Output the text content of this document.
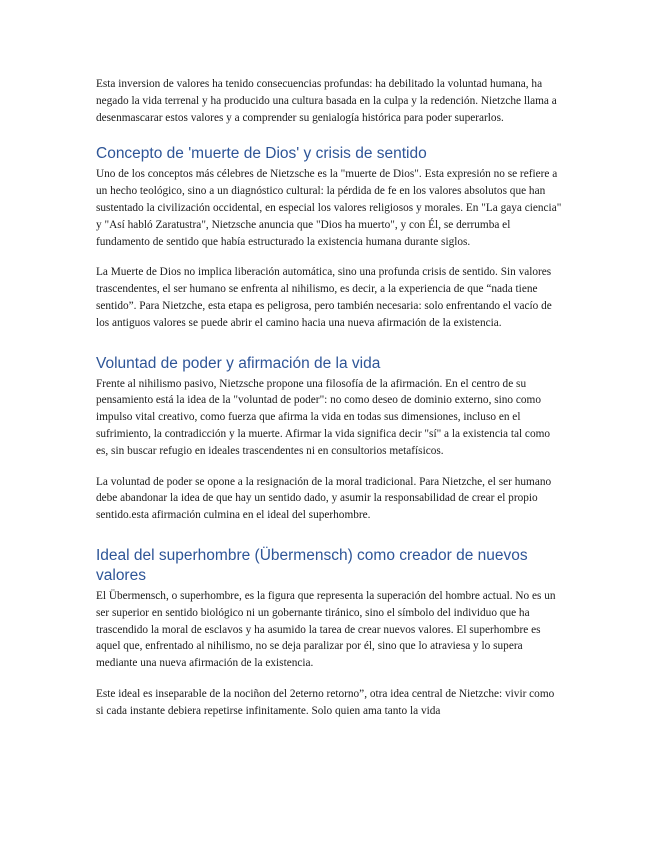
Esta inversion de valores ha tenido consecuencias profundas: ha debilitado la voluntad humana, ha negado la vida terrenal y ha producido una cultura basada en la culpa y la redención. Nietzche llama a desenmascarar estos valores y a comprender su genialogía histórica para poder superarlos.

Concepto de 'muerte de Dios' y crisis de sentido

Uno de los conceptos más célebres de Nietzsche es la "muerte de Dios". Esta expresión no se refiere a un hecho teológico, sino a un diagnóstico cultural: la pérdida de fe en los valores absolutos que han sustentado la civilización occidental, en especial los valores religiosos y morales. En "La gaya ciencia" y "Así habló Zaratustra", Nietzsche anuncia que "Dios ha muerto", y con Él, se derrumba el fundamento de sentido que había estructurado la existencia humana durante siglos.

La Muerte de Dios no implica liberación automática, sino una profunda crisis de sentido. Sin valores trascendentes, el ser humano se enfrenta al nihilismo, es decir, a la experiencia de que “nada tiene sentido”. Para Nietzche, esta etapa es peligrosa, pero también necesaria: solo enfrentando el vacío de los antiguos valores se puede abrir el camino hacia una nueva afirmación de la existencia.

Voluntad de poder y afirmación de la vida

Frente al nihilismo pasivo, Nietzsche propone una filosofía de la afirmación. En el centro de su pensamiento está la idea de la "voluntad de poder": no como deseo de dominio externo, sino como impulso vital creativo, como fuerza que afirma la vida en todas sus dimensiones, incluso en el sufrimiento, la contradicción y la muerte. Afirmar la vida significa decir "sí" a la existencia tal como es, sin buscar refugio en ideales trascendentes ni en consultorios metafísicos.

La voluntad de poder se opone a la resignación de la moral tradicional. Para Nietzche, el ser humano debe abandonar la idea de que hay un sentido dado, y asumir la responsabilidad de crear el propio sentido.esta afirmación culmina en el ideal del superhombre.

Ideal del superhombre (Übermensch) como creador de nuevos valores

El Übermensch, o superhombre, es la figura que representa la superación del hombre actual. No es un ser superior en sentido biológico ni un gobernante tiránico, sino el símbolo del individuo que ha trascendido la moral de esclavos y ha asumido la tarea de crear nuevos valores. El superhombre es aquel que, enfrentado al nihilismo, no se deja paralizar por él, sino que lo atraviesa y lo supera mediante una nueva afirmación de la existencia.

Este ideal es inseparable de la nociñon del 2eterno retorno”, otra idea central de Nietzche: vivir como si cada instante debiera repetirse infinitamente. Solo quien ama tanto la vida
